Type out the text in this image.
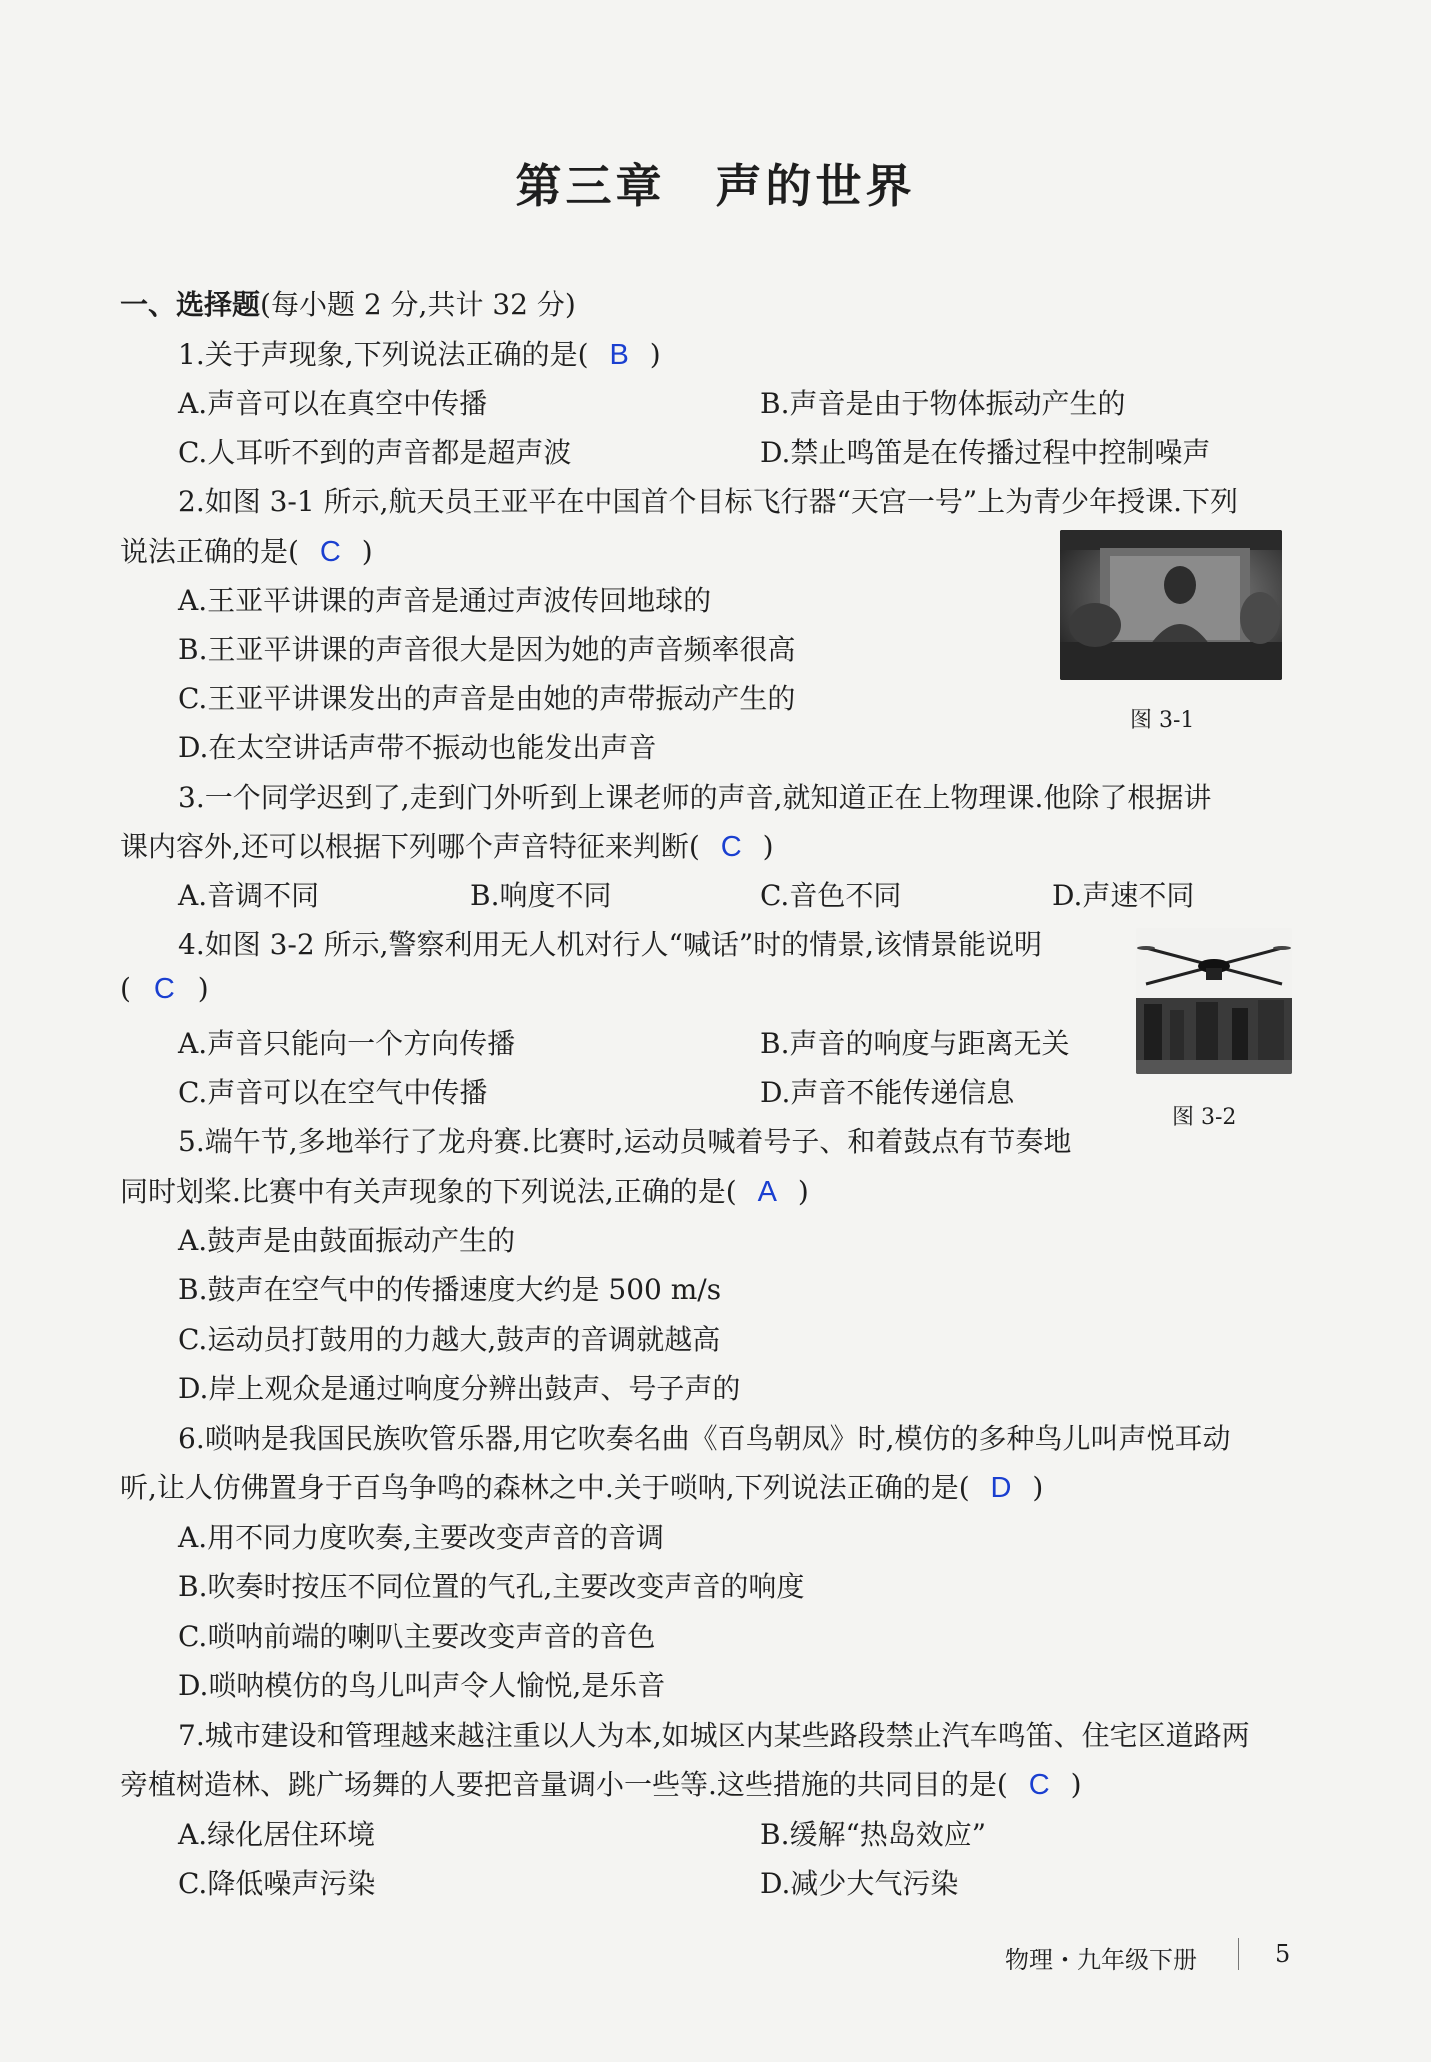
第三章　声的世界
一、选择题(每小题 2 分,共计 32 分)
1.关于声现象,下列说法正确的是( B )
A.声音可以在真空中传播	B.声音是由于物体振动产生的
C.人耳听不到的声音都是超声波	D.禁止鸣笛是在传播过程中控制噪声
2.如图 3-1 所示,航天员王亚平在中国首个目标飞行器“天宫一号”上为青少年授课.下列
说法正确的是( C )
A.王亚平讲课的声音是通过声波传回地球的
B.王亚平讲课的声音很大是因为她的声音频率很高
C.王亚平讲课发出的声音是由她的声带振动产生的
D.在太空讲话声带不振动也能发出声音
图 3-1
3.一个同学迟到了,走到门外听到上课老师的声音,就知道正在上物理课.他除了根据讲
课内容外,还可以根据下列哪个声音特征来判断( C )
A.音调不同	B.响度不同	C.音色不同	D.声速不同
4.如图 3-2 所示,警察利用无人机对行人“喊话”时的情景,该情景能说明
( C )
A.声音只能向一个方向传播	B.声音的响度与距离无关
C.声音可以在空气中传播	D.声音不能传递信息
图 3-2
5.端午节,多地举行了龙舟赛.比赛时,运动员喊着号子、和着鼓点有节奏地
同时划桨.比赛中有关声现象的下列说法,正确的是( A )
A.鼓声是由鼓面振动产生的
B.鼓声在空气中的传播速度大约是 500 m/s
C.运动员打鼓用的力越大,鼓声的音调就越高
D.岸上观众是通过响度分辨出鼓声、号子声的
6.唢呐是我国民族吹管乐器,用它吹奏名曲《百鸟朝凤》时,模仿的多种鸟儿叫声悦耳动
听,让人仿佛置身于百鸟争鸣的森林之中.关于唢呐,下列说法正确的是( D )
A.用不同力度吹奏,主要改变声音的音调
B.吹奏时按压不同位置的气孔,主要改变声音的响度
C.唢呐前端的喇叭主要改变声音的音色
D.唢呐模仿的鸟儿叫声令人愉悦,是乐音
7.城市建设和管理越来越注重以人为本,如城区内某些路段禁止汽车鸣笛、住宅区道路两
旁植树造林、跳广场舞的人要把音量调小一些等.这些措施的共同目的是( C )
A.绿化居住环境	B.缓解“热岛效应”
C.降低噪声污染	D.减少大气污染
物理・九年级下册	5
